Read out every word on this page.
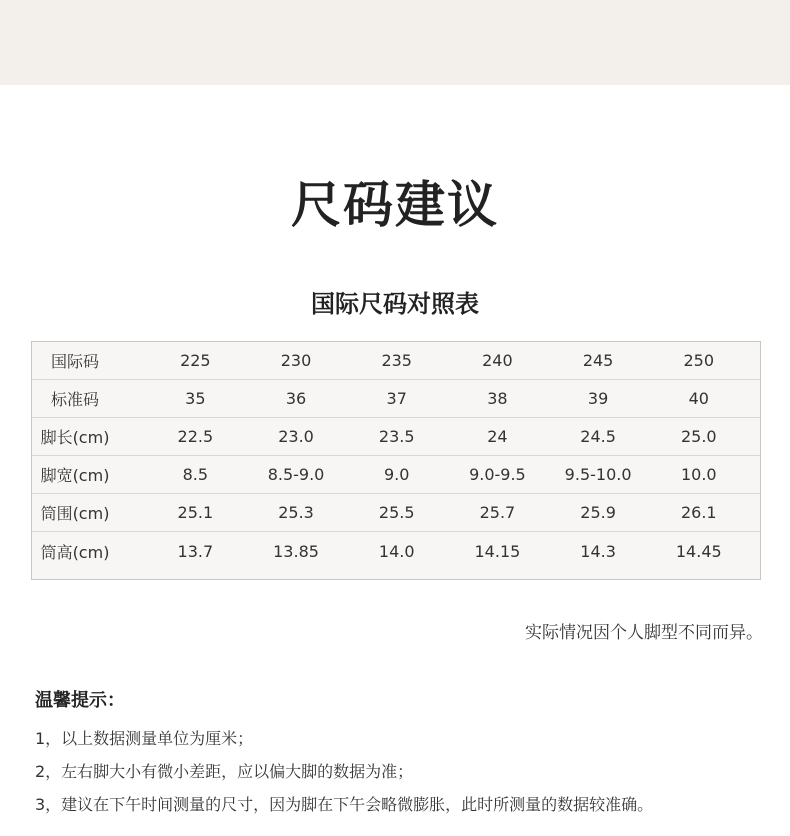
尺码建议
国际尺码对照表
国际码	225	230	235	240	245	250
标准码	35	36	37	38	39	40
脚长(cm)	22.5	23.0	23.5	24	24.5	25.0
脚宽(cm)	8.5	8.5-9.0	9.0	9.0-9.5	9.5-10.0	10.0
筒围(cm)	25.1	25.3	25.5	25.7	25.9	26.1
筒高(cm)	13.7	13.85	14.0	14.15	14.3	14.45

实际情况因个人脚型不同而异。

温馨提示：

1，以上数据测量单位为厘米；

2，左右脚大小有微小差距，应以偏大脚的数据为准；

3，建议在下午时间测量的尺寸，因为脚在下午会略微膨胀，此时所测量的数据较准确。
